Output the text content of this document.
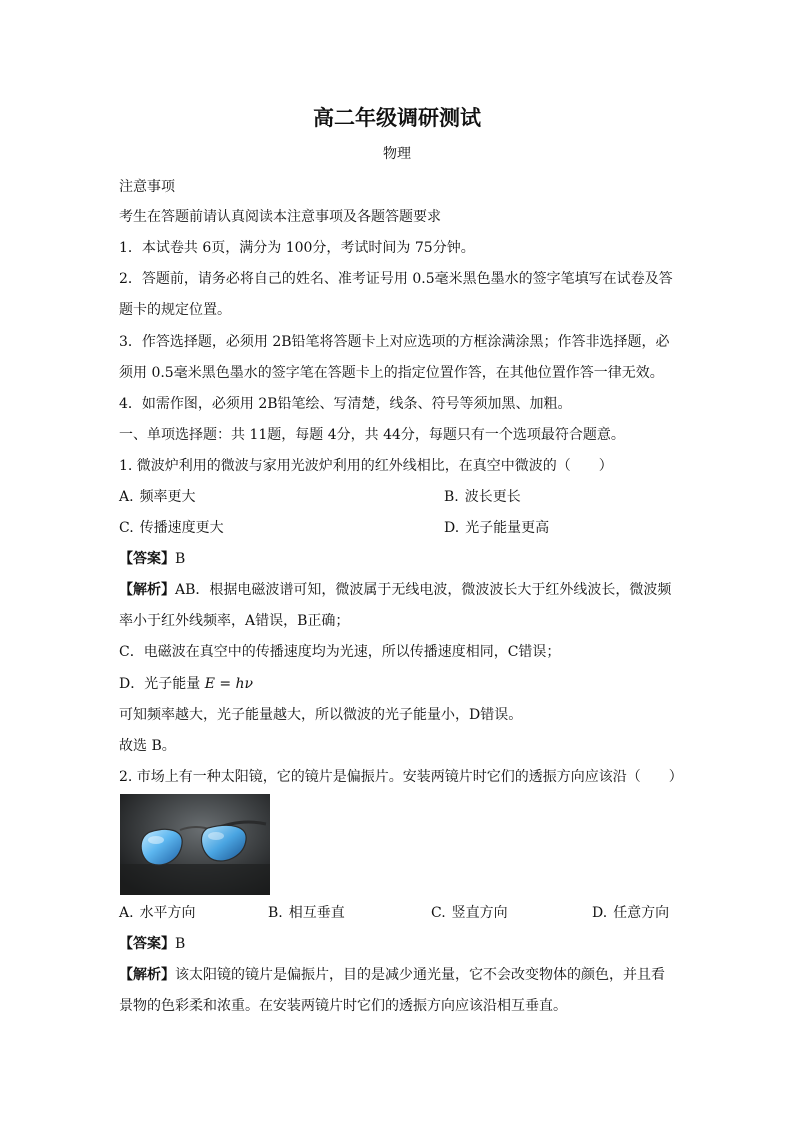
高二年级调研测试
物理
注意事项
考生在答题前请认真阅读本注意事项及各题答题要求
1．本试卷共 6页，满分为 100分，考试时间为 75分钟。
2．答题前，请务必将自己的姓名、准考证号用 0.5毫米黑色墨水的签字笔填写在试卷及答
题卡的规定位置。
3．作答选择题，必须用 2B铅笔将答题卡上对应选项的方框涂满涂黑；作答非选择题，必
须用 0.5毫米黑色墨水的签字笔在答题卡上的指定位置作答，在其他位置作答一律无效。
4．如需作图，必须用 2B铅笔绘、写清楚，线条、符号等须加黑、加粗。
一、单项选择题：共 11题，每题 4分，共 44分，每题只有一个选项最符合题意。
1. 微波炉利用的微波与家用光波炉利用的红外线相比，在真空中微波的（　　）
A. 频率更大	B. 波长更长
C. 传播速度更大	D. 光子能量更高
【答案】B
【解析】AB．根据电磁波谱可知，微波属于无线电波，微波波长大于红外线波长，微波频
率小于红外线频率，A错误，B正确；
C．电磁波在真空中的传播速度均为光速，所以传播速度相同，C错误；
D．光子能量 E = hν
可知频率越大，光子能量越大，所以微波的光子能量小，D错误。
故选 B。
2. 市场上有一种太阳镜，它的镜片是偏振片。安装两镜片时它们的透振方向应该沿（　　）
A. 水平方向	B. 相互垂直	C. 竖直方向	D. 任意方向
【答案】B
【解析】该太阳镜的镜片是偏振片，目的是减少通光量，它不会改变物体的颜色，并且看
景物的色彩柔和浓重。在安装两镜片时它们的透振方向应该沿相互垂直。
